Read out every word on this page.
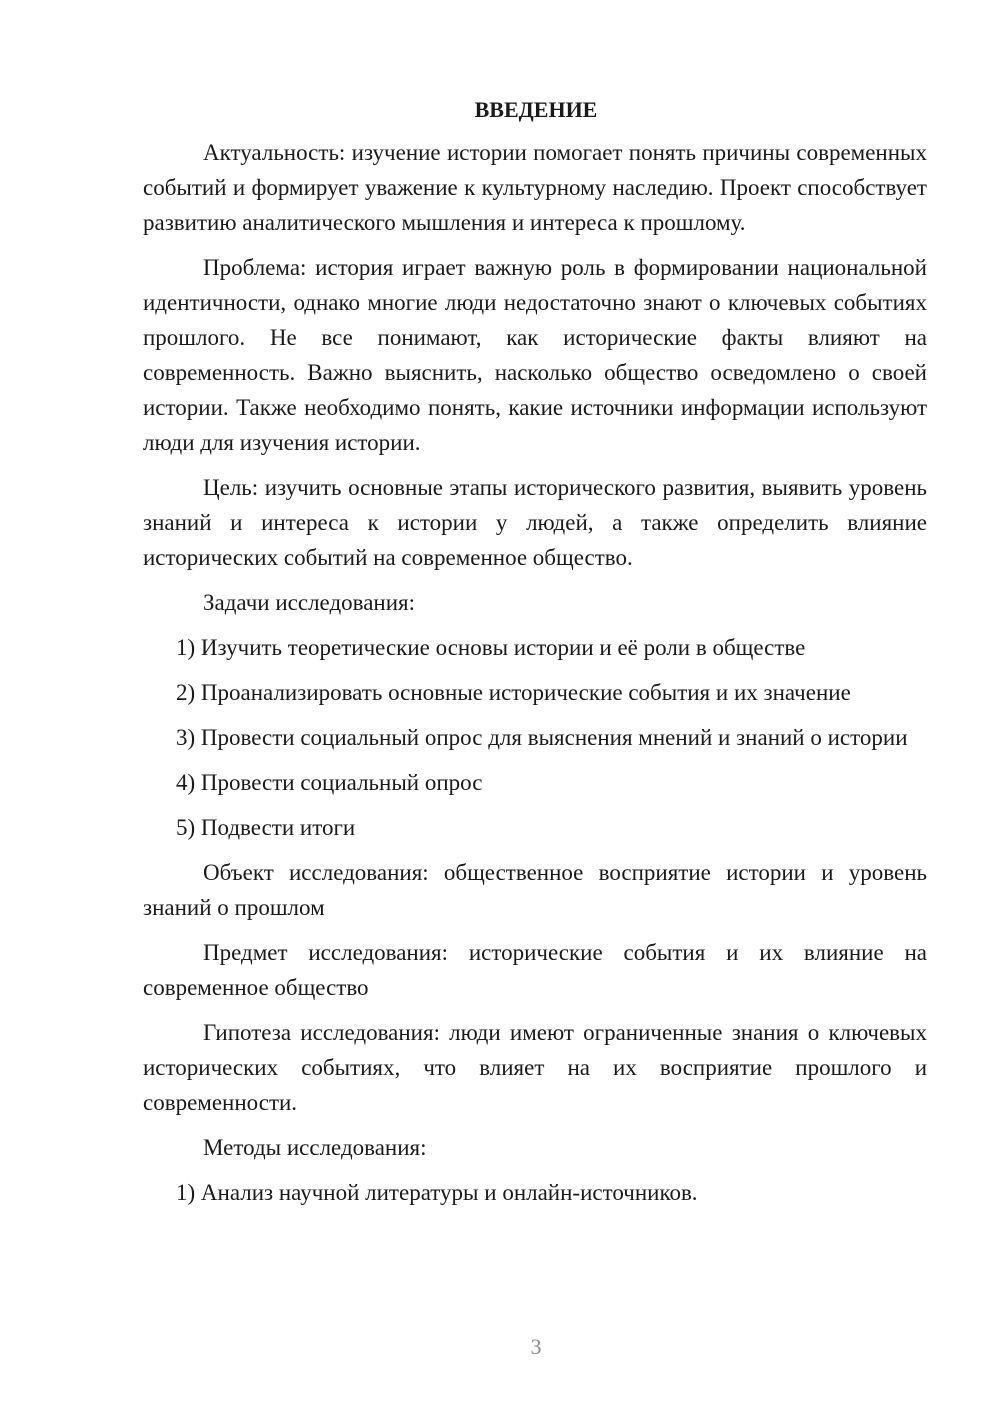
ВВЕДЕНИЕ

Актуальность: изучение истории помогает понять причины современных событий и формирует уважение к культурному наследию. Проект способствует развитию аналитического мышления и интереса к прошлому.

Проблема: история играет важную роль в формировании национальной идентичности, однако многие люди недостаточно знают о ключевых событиях прошлого. Не все понимают, как исторические факты влияют на современность. Важно выяснить, насколько общество осведомлено о своей истории. Также необходимо понять, какие источники информации используют люди для изучения истории.

Цель: изучить основные этапы исторического развития, выявить уровень знаний и интереса к истории у людей, а также определить влияние исторических событий на современное общество.

Задачи исследования:

1) Изучить теоретические основы истории и её роли в обществе

2) Проанализировать основные исторические события и их значение

3) Провести социальный опрос для выяснения мнений и знаний о истории

4) Провести социальный опрос

5) Подвести итоги

Объект исследования: общественное восприятие истории и уровень знаний о прошлом

Предмет исследования: исторические события и их влияние на современное общество

Гипотеза исследования: люди имеют ограниченные знания о ключевых исторических событиях, что влияет на их восприятие прошлого и современности.

Методы исследования:

1) Анализ научной литературы и онлайн-источников.

3
